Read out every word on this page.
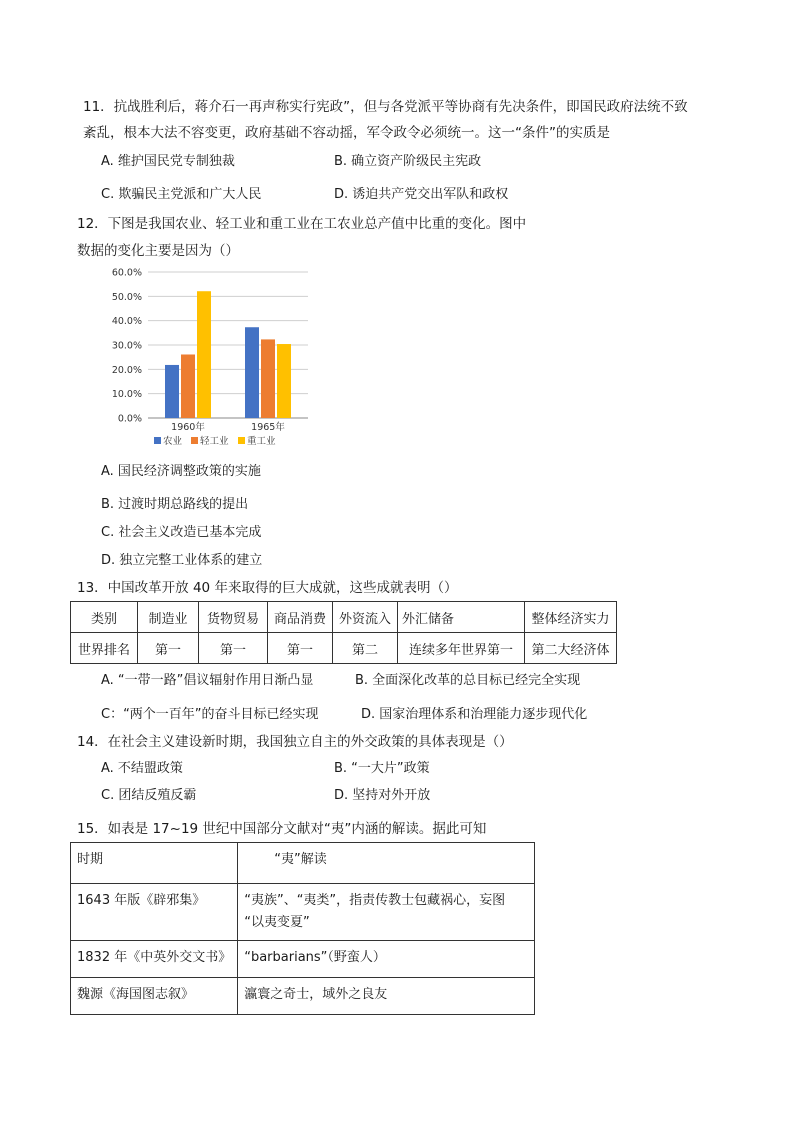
11．抗战胜利后，蒋介石一再声称实行宪政”，但与各党派平等协商有先决条件，即国民政府法统不致
紊乱，根本大法不容变更，政府基础不容动摇，军令政令必须统一。这一“条件”的实质是
A. 维护国民党专制独裁	B. 确立资产阶级民主宪政
C. 欺骗民主党派和广大人民	D. 诱迫共产党交出军队和政权
12．下图是我国农业、轻工业和重工业在工农业总产值中比重的变化。图中
数据的变化主要是因为（）
0.0%
10.0%
20.0%
30.0%
40.0%
50.0%
60.0%
1960年	1965年
农业 轻工业 重工业
A. 国民经济调整政策的实施
B. 过渡时期总路线的提出
C. 社会主义改造已基本完成
D. 独立完整工业体系的建立
13．中国改革开放 40 年来取得的巨大成就，这些成就表明（）
类别	制造业	货物贸易	商品消费	外资流入	外汇储备	整体经济实力
世界排名	第一	第一	第一	第二	连续多年世界第一	第二大经济体
A. “一带一路”倡议辐射作用日渐凸显	B. 全面深化改革的总目标已经完全实现
C：“两个一百年”的奋斗目标已经实现	D. 国家治理体系和治理能力逐步现代化
14．在社会主义建设新时期，我国独立自主的外交政策的具体表现是（）
A. 不结盟政策	B. “一大片”政策
C. 团结反殖反霸	D. 坚持对外开放
15．如表是 17~19 世纪中国部分文献对“夷”内涵的解读。据此可知
时期	“夷”解读
1643 年版《辟邪集》	“夷族”、“夷类”，指责传教士包藏祸心，妄图
“以夷变夏”

1832 年《中英外交文书》	“barbarians”（野蛮人）
魏源《海国图志叙》	瀛寰之奇士，域外之良友
